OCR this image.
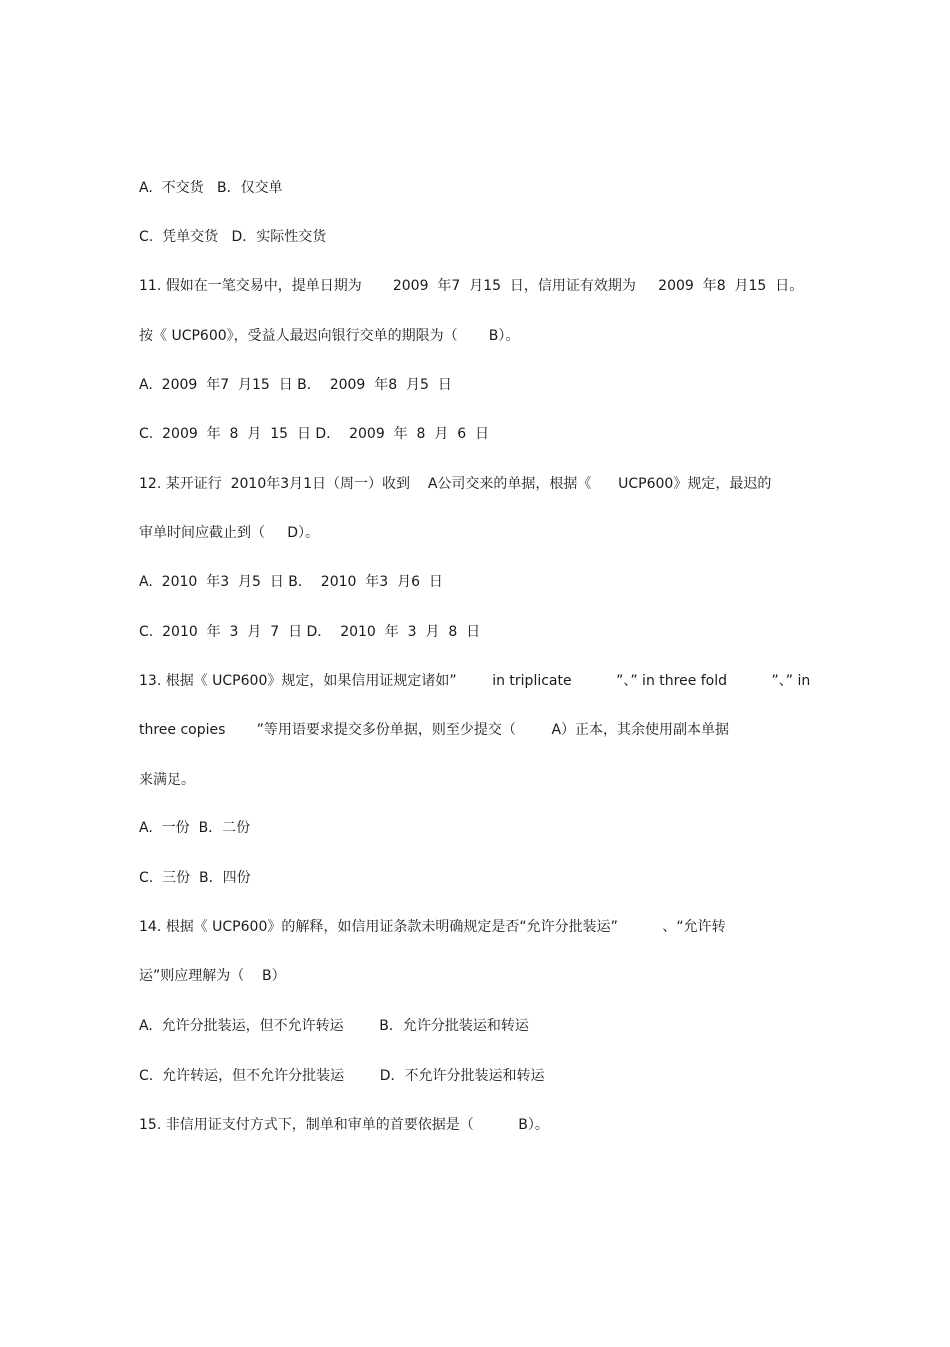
A.  不交货   B．仅交单
C.  凭单交货   D．实际性交货
11. 假如在一笔交易中，提单日期为       2009  年7  月15  日，信用证有效期为     2009  年8  月15  日。
按《 UCP600》，受益人最迟向银行交单的期限为（       B）。
A.  2009  年7  月15  日 B．  2009  年8  月5  日
C.  2009  年  8  月  15  日 D．  2009  年  8  月  6  日
12. 某开证行  2010年3月1日（周一）收到    A公司交来的单据，根据《      UCP600》规定，最迟的
审单时间应截止到（     D）。
A.  2010  年3  月5  日 B．  2010  年3  月6  日
C.  2010  年  3  月  7  日 D．  2010  年  3  月  8  日
13. 根据《 UCP600》规定，如果信用证规定诸如”        in triplicate          ”、” in three fold          ”、” in
three copies       ”等用语要求提交多份单据，则至少提交（        A）正本，其余使用副本单据
来满足。
A.  一份  B．二份
C.  三份  B．四份
14. 根据《 UCP600》的解释，如信用证条款未明确规定是否“允许分批装运”          、“允许转
运”则应理解为（    B）
A.  允许分批装运，但不允许转运        B．允许分批装运和转运
C.  允许转运，但不允许分批装运        D．不允许分批装运和转运
15. 非信用证支付方式下，制单和审单的首要依据是（          B）。
